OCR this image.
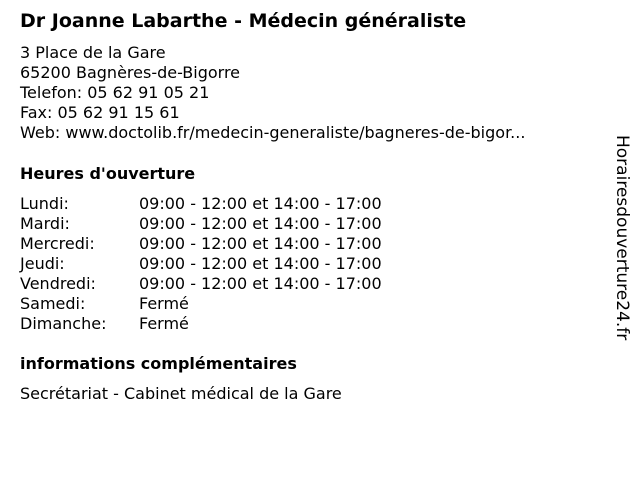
Dr Joanne Labarthe - Médecin généraliste
3 Place de la Gare
65200 Bagnères-de-Bigorre
Telefon: 05 62 91 05 21
Fax: 05 62 91 15 61
Web: www.doctolib.fr/medecin-generaliste/bagneres-de-bigor...
Heures d'ouverture
Lundi:	09:00 - 12:00 et 14:00 - 17:00
Mardi:	09:00 - 12:00 et 14:00 - 17:00
Mercredi:	09:00 - 12:00 et 14:00 - 17:00
Jeudi:	09:00 - 12:00 et 14:00 - 17:00
Vendredi:	09:00 - 12:00 et 14:00 - 17:00
Samedi:	Fermé
Dimanche: Fermé
informations complémentaires
Secrétariat - Cabinet médical de la Gare
Horairesdouverture24.fr
